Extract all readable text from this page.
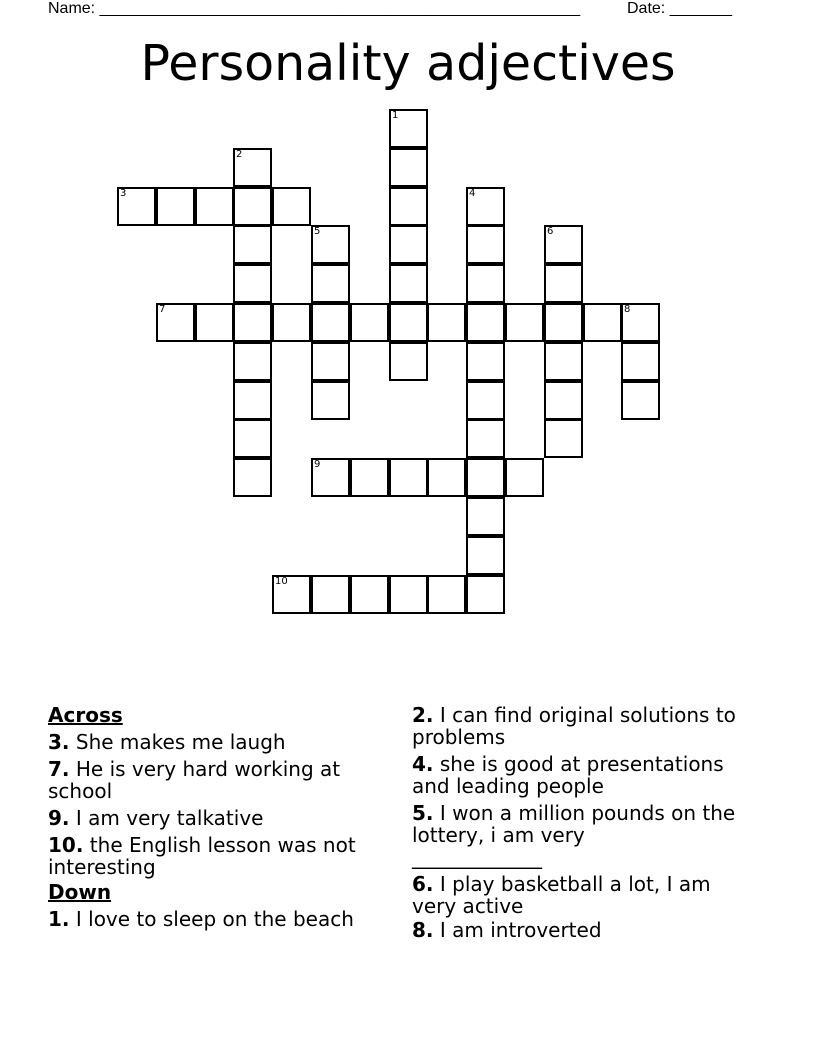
Name: ______________________________________________________	Date: _______
Personality adjectives
1
2
3	4
5	6
7	8
9
10
Across
3. She makes me laugh
7. He is very hard working at school
9. I am very talkative
10. the English lesson was not interesting
Down
1. I love to sleep on the beach
2. I can find original solutions to problems
4. she is good at presentations and leading people
5. I won a million pounds on the lottery, i am very
_____________
6. I play basketball a lot, I am very active
8. I am introverted
